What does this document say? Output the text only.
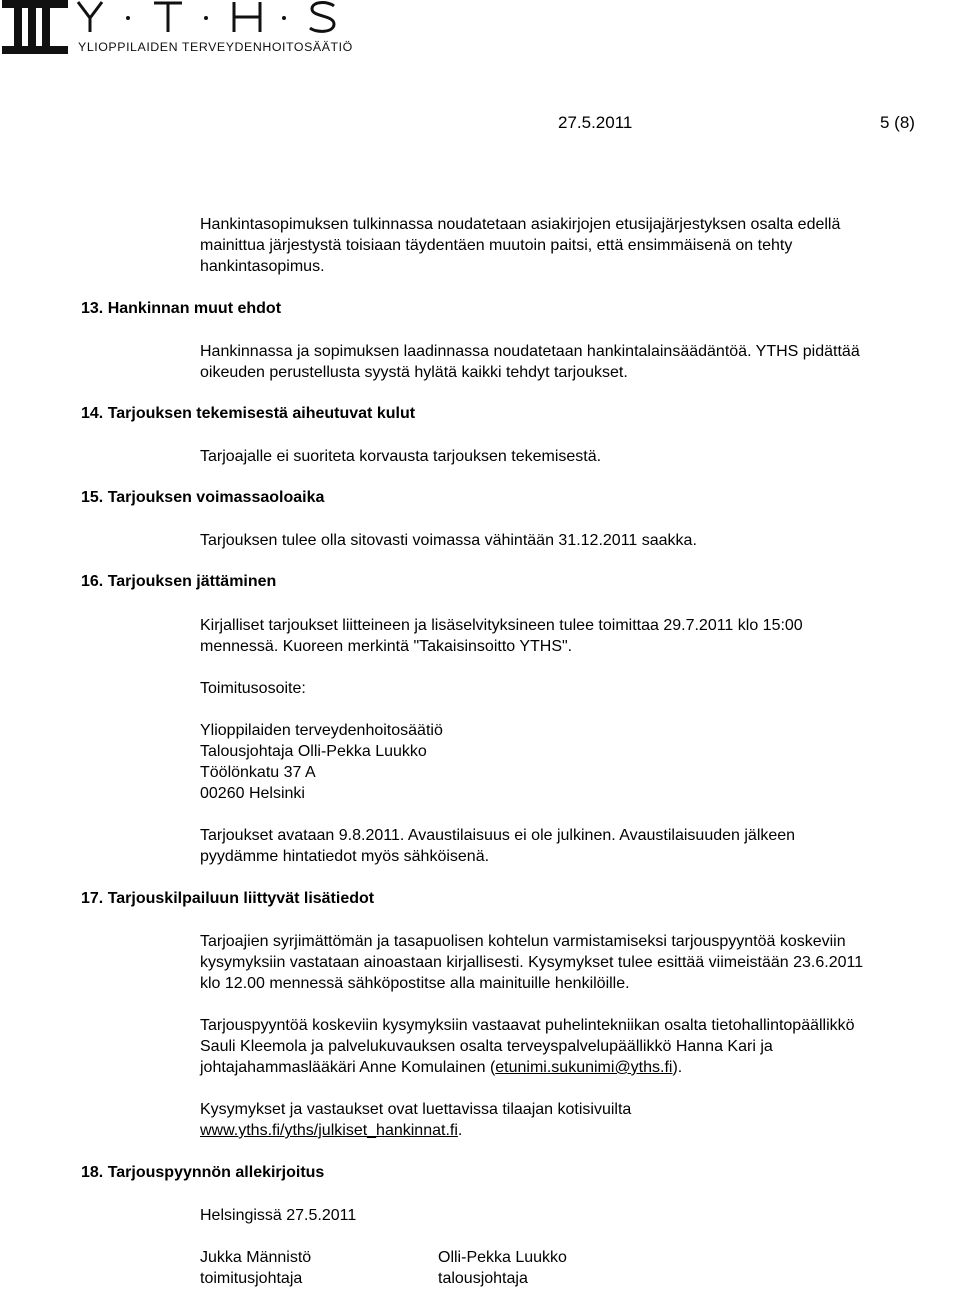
YLIOPPILAIDEN TERVEYDENHOITOSÄÄTIÖ
27.5.2011	5 (8)
Hankintasopimuksen tulkinnassa noudatetaan asiakirjojen etusijajärjestyksen osalta edellä
mainittua järjestystä toisiaan täydentäen muutoin paitsi, että ensimmäisenä on tehty
hankintasopimus.
13. Hankinnan muut ehdot
Hankinnassa ja sopimuksen laadinnassa noudatetaan hankintalainsäädäntöä. YTHS pidättää
oikeuden perustellusta syystä hylätä kaikki tehdyt tarjoukset.
14. Tarjouksen tekemisestä aiheutuvat kulut
Tarjoajalle ei suoriteta korvausta tarjouksen tekemisestä.
15. Tarjouksen voimassaoloaika
Tarjouksen tulee olla sitovasti voimassa vähintään 31.12.2011 saakka.
16. Tarjouksen jättäminen
Kirjalliset tarjoukset liitteineen ja lisäselvityksineen tulee toimittaa 29.7.2011 klo 15:00
mennessä. Kuoreen merkintä "Takaisinsoitto YTHS".
Toimitusosoite:
Ylioppilaiden terveydenhoitosäätiö
Talousjohtaja Olli-Pekka Luukko
Töölönkatu 37 A
00260 Helsinki
Tarjoukset avataan 9.8.2011. Avaustilaisuus ei ole julkinen. Avaustilaisuuden jälkeen
pyydämme hintatiedot myös sähköisenä.
17. Tarjouskilpailuun liittyvät lisätiedot
Tarjoajien syrjimättömän ja tasapuolisen kohtelun varmistamiseksi tarjouspyyntöä koskeviin
kysymyksiin vastataan ainoastaan kirjallisesti. Kysymykset tulee esittää viimeistään 23.6.2011
klo 12.00 mennessä sähköpostitse alla mainituille henkilöille.
Tarjouspyyntöä koskeviin kysymyksiin vastaavat puhelintekniikan osalta tietohallintopäällikkö
Sauli Kleemola ja palvelukuvauksen osalta terveyspalvelupäällikkö Hanna Kari ja
johtajahammaslääkäri Anne Komulainen (etunimi.sukunimi@yths.fi).
Kysymykset ja vastaukset ovat luettavissa tilaajan kotisivuilta
www.yths.fi/yths/julkiset_hankinnat.fi.
18. Tarjouspyynnön allekirjoitus
Helsingissä 27.5.2011
Jukka Männistö
toimitusjohtaja
Olli-Pekka Luukko
talousjohtaja
